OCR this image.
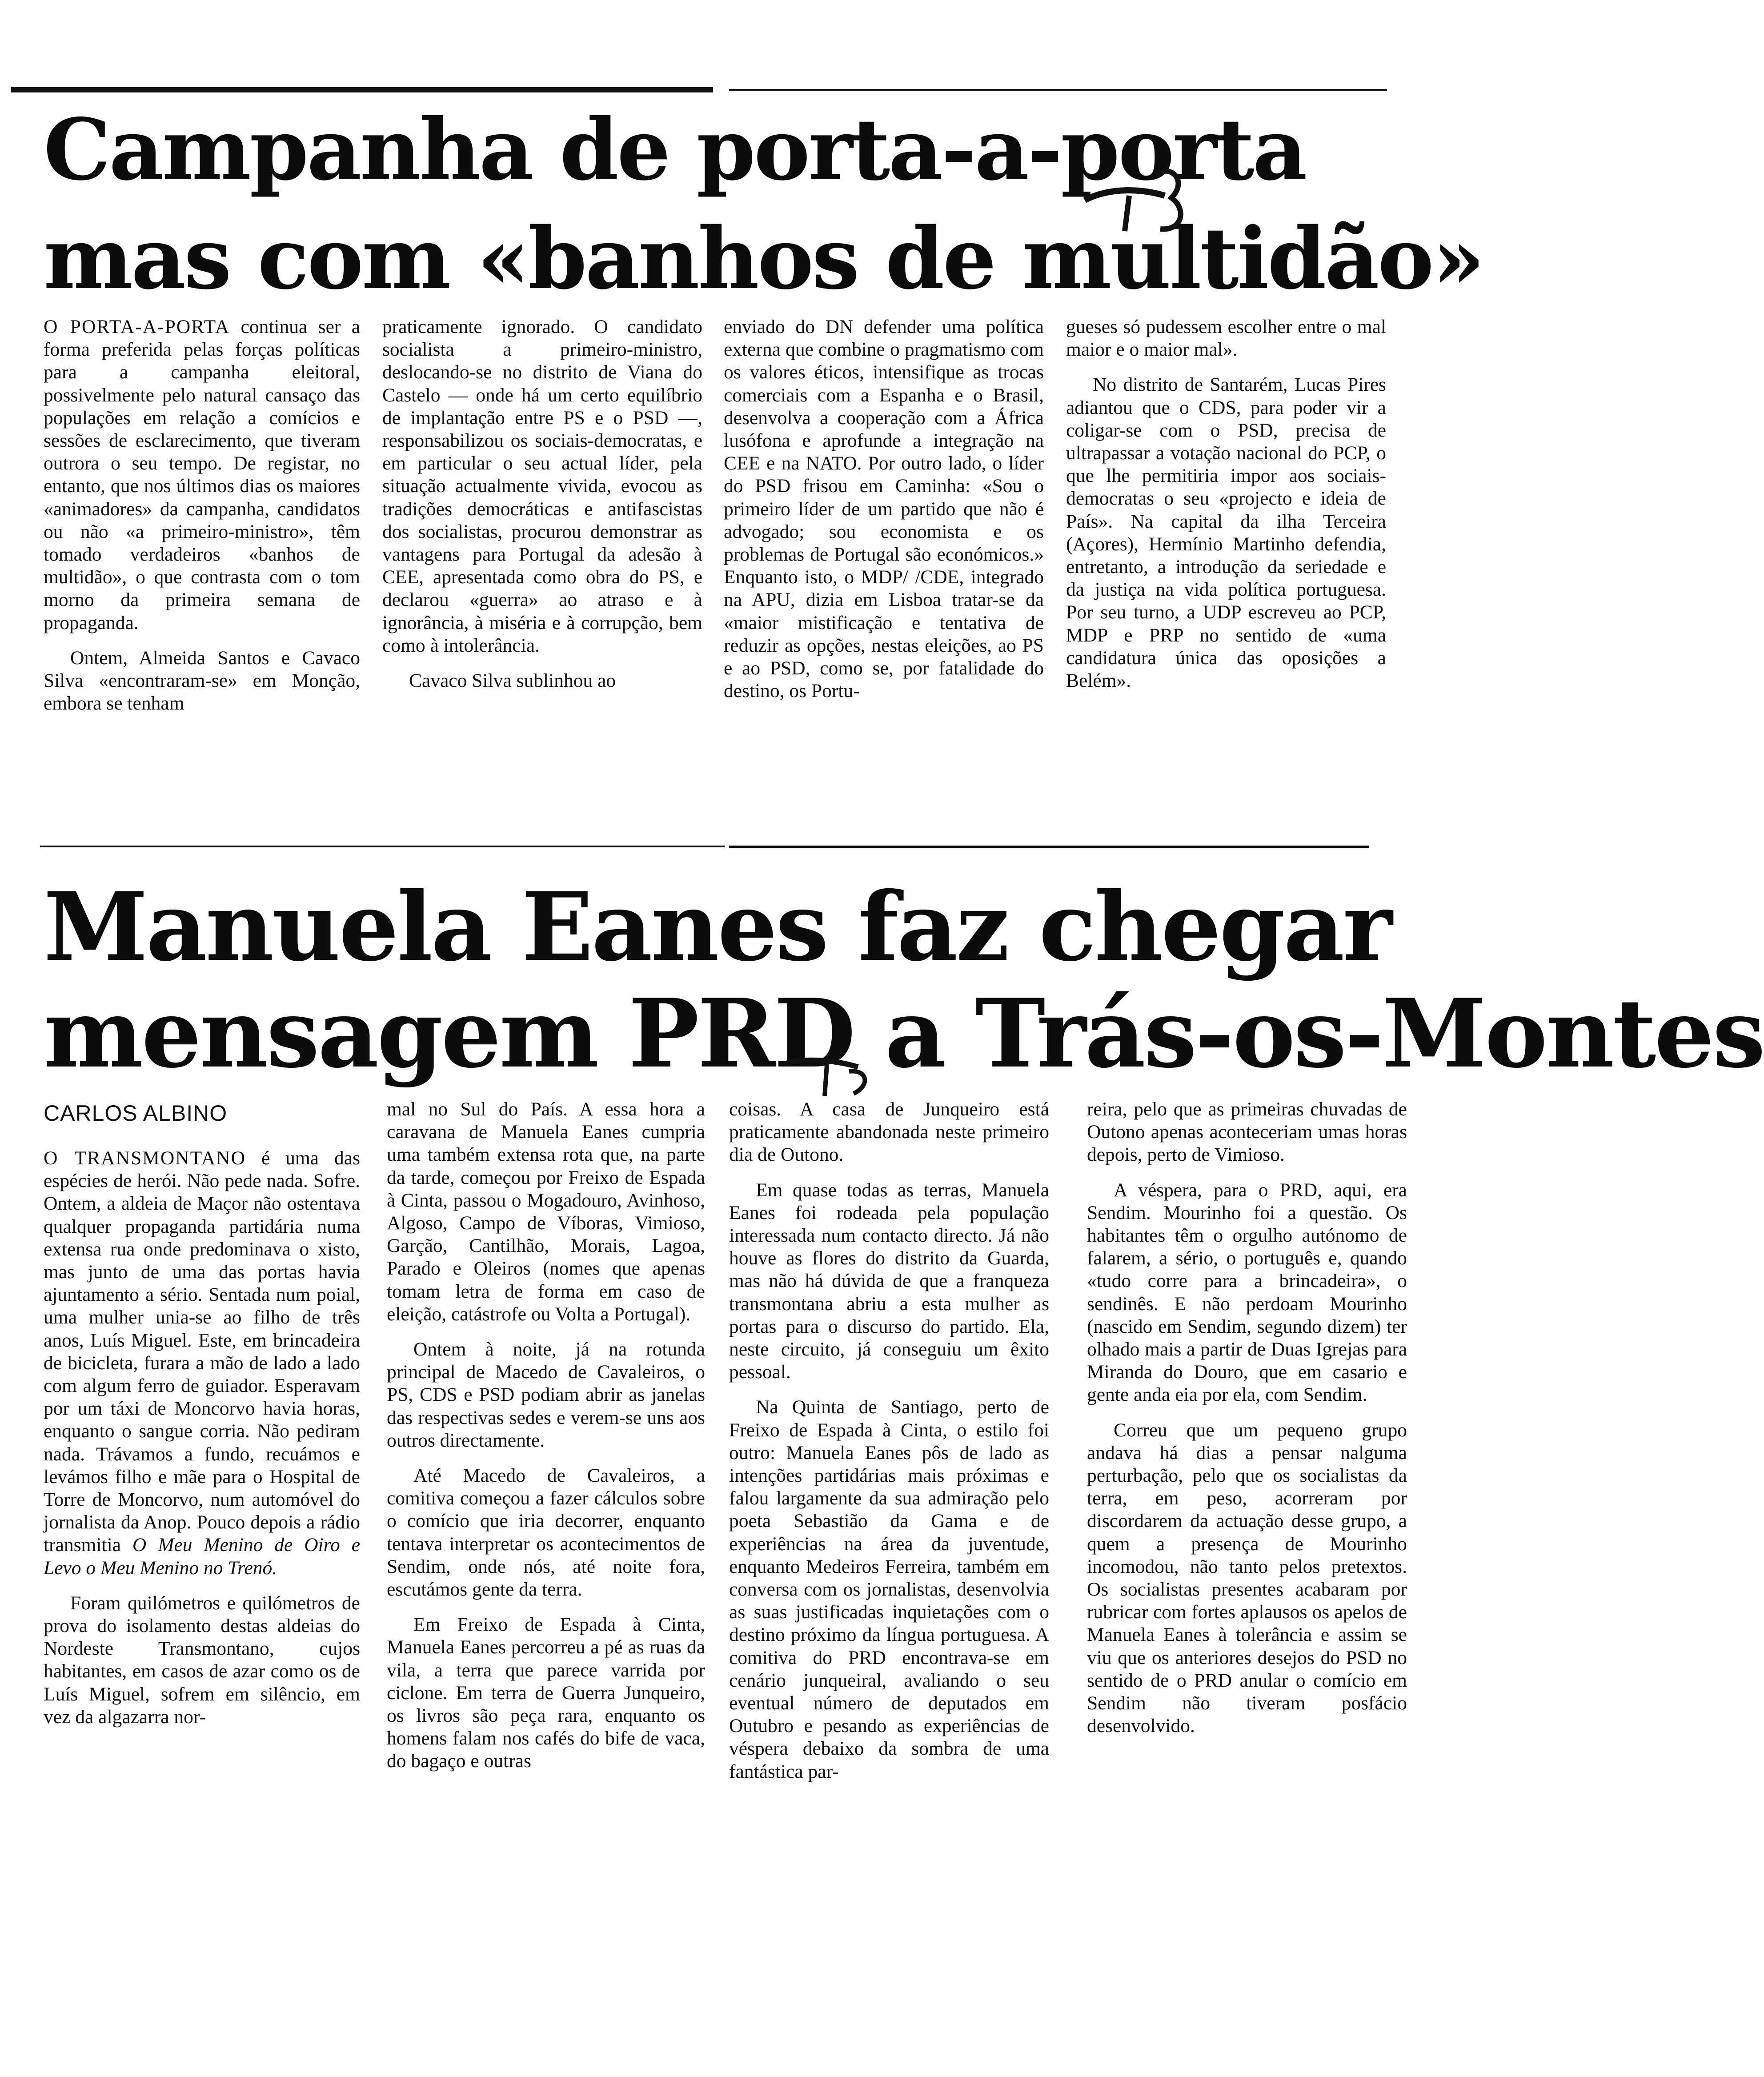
Campanha de porta-a-porta
mas com «banhos de multidão»

O PORTA-A-PORTA continua ser a forma preferida pelas forças políticas para a campanha eleitoral, possivelmente pelo natural cansaço das populações em relação a comícios e sessões de esclarecimento, que tiveram outrora o seu tempo. De registar, no entanto, que nos últimos dias os maiores «animadores» da campanha, candidatos ou não «a primeiro-ministro», têm tomado verdadeiros «banhos de multidão», o que contrasta com o tom morno da primeira semana de propaganda.

Ontem, Almeida Santos e Cavaco Silva «encontraram-se» em Monção, embora se tenham

praticamente ignorado. O candidato socialista a primeiro-ministro, deslocando-se no distrito de Viana do Castelo — onde há um certo equilíbrio de implantação entre PS e o PSD —, responsabilizou os sociais-democratas, e em particular o seu actual líder, pela situação actualmente vivida, evocou as tradições democráticas e antifascistas dos socialistas, procurou demonstrar as vantagens para Portugal da adesão à CEE, apresentada como obra do PS, e declarou «guerra» ao atraso e à ignorância, à miséria e à corrupção, bem como à intolerância.

Cavaco Silva sublinhou ao

enviado do DN defender uma política externa que combine o pragmatismo com os valores éticos, intensifique as trocas comerciais com a Espanha e o Brasil, desenvolva a cooperação com a África lusófona e aprofunde a integração na CEE e na NATO. Por outro lado, o líder do PSD frisou em Caminha: «Sou o primeiro líder de um partido que não é advogado; sou economista e os problemas de Portugal são económicos.» Enquanto isto, o MDP/ /CDE, integrado na APU, dizia em Lisboa tratar-se da «maior mistificação e tentativa de reduzir as opções, nestas eleições, ao PS e ao PSD, como se, por fatalidade do destino, os Portu-

gueses só pudessem escolher entre o mal maior e o maior mal».

No distrito de Santarém, Lucas Pires adiantou que o CDS, para poder vir a coligar-se com o PSD, precisa de ultrapassar a votação nacional do PCP, o que lhe permitiria impor aos sociais-democratas o seu «projecto e ideia de País». Na capital da ilha Terceira (Açores), Hermínio Martinho defendia, entretanto, a introdução da seriedade e da justiça na vida política portuguesa. Por seu turno, a UDP escreveu ao PCP, MDP e PRP no sentido de «uma candidatura única das oposições a Belém».

Manuela Eanes faz chegar
mensagem PRD a Trás-os-Montes

CARLOS ALBINO

O TRANSMONTANO é uma das espécies de herói. Não pede nada. Sofre. Ontem, a aldeia de Maçor não ostentava qualquer propaganda partidária numa extensa rua onde predominava o xisto, mas junto de uma das portas havia ajuntamento a sério. Sentada num poial, uma mulher unia-se ao filho de três anos, Luís Miguel. Este, em brincadeira de bicicleta, furara a mão de lado a lado com algum ferro de guiador. Esperavam por um táxi de Moncorvo havia horas, enquanto o sangue corria. Não pediram nada. Trávamos a fundo, recuámos e levámos filho e mãe para o Hospital de Torre de Moncorvo, num automóvel do jornalista da Anop. Pouco depois a rádio transmitia O Meu Menino de Oiro e Levo o Meu Menino no Trenó.

Foram quilómetros e quilómetros de prova do isolamento destas aldeias do Nordeste Transmontano, cujos habitantes, em casos de azar como os de Luís Miguel, sofrem em silêncio, em vez da algazarra nor-

mal no Sul do País. A essa hora a caravana de Manuela Eanes cumpria uma também extensa rota que, na parte da tarde, começou por Freixo de Espada à Cinta, passou o Mogadouro, Avinhoso, Algoso, Campo de Víboras, Vimioso, Garção, Cantilhão, Morais, Lagoa, Parado e Oleiros (nomes que apenas tomam letra de forma em caso de eleição, catástrofe ou Volta a Portugal).

Ontem à noite, já na rotunda principal de Macedo de Cavaleiros, o PS, CDS e PSD podiam abrir as janelas das respectivas sedes e verem-se uns aos outros directamente.

Até Macedo de Cavaleiros, a comitiva começou a fazer cálculos sobre o comício que iria decorrer, enquanto tentava interpretar os acontecimentos de Sendim, onde nós, até noite fora, escutámos gente da terra.

Em Freixo de Espada à Cinta, Manuela Eanes percorreu a pé as ruas da vila, a terra que parece varrida por ciclone. Em terra de Guerra Junqueiro, os livros são peça rara, enquanto os homens falam nos cafés do bife de vaca, do bagaço e outras

coisas. A casa de Junqueiro está praticamente abandonada neste primeiro dia de Outono.

Em quase todas as terras, Manuela Eanes foi rodeada pela população interessada num contacto directo. Já não houve as flores do distrito da Guarda, mas não há dúvida de que a franqueza transmontana abriu a esta mulher as portas para o discurso do partido. Ela, neste circuito, já conseguiu um êxito pessoal.

Na Quinta de Santiago, perto de Freixo de Espada à Cinta, o estilo foi outro: Manuela Eanes pôs de lado as intenções partidárias mais próximas e falou largamente da sua admiração pelo poeta Sebastião da Gama e de experiências na área da juventude, enquanto Medeiros Ferreira, também em conversa com os jornalistas, desenvolvia as suas justificadas inquietações com o destino próximo da língua portuguesa. A comitiva do PRD encontrava-se em cenário junqueiral, avaliando o seu eventual número de deputados em Outubro e pesando as experiências de véspera debaixo da sombra de uma fantástica par-

reira, pelo que as primeiras chuvadas de Outono apenas aconteceriam umas horas depois, perto de Vimioso.

A véspera, para o PRD, aqui, era Sendim. Mourinho foi a questão. Os habitantes têm o orgulho autónomo de falarem, a sério, o português e, quando «tudo corre para a brincadeira», o sendinês. E não perdoam Mourinho (nascido em Sendim, segundo dizem) ter olhado mais a partir de Duas Igrejas para Miranda do Douro, que em casario e gente anda eia por ela, com Sendim.

Correu que um pequeno grupo andava há dias a pensar nalguma perturbação, pelo que os socialistas da terra, em peso, acorreram por discordarem da actuação desse grupo, a quem a presença de Mourinho incomodou, não tanto pelos pretextos. Os socialistas presentes acabaram por rubricar com fortes aplausos os apelos de Manuela Eanes à tolerância e assim se viu que os anteriores desejos do PSD no sentido de o PRD anular o comício em Sendim não tiveram posfácio desenvolvido.
